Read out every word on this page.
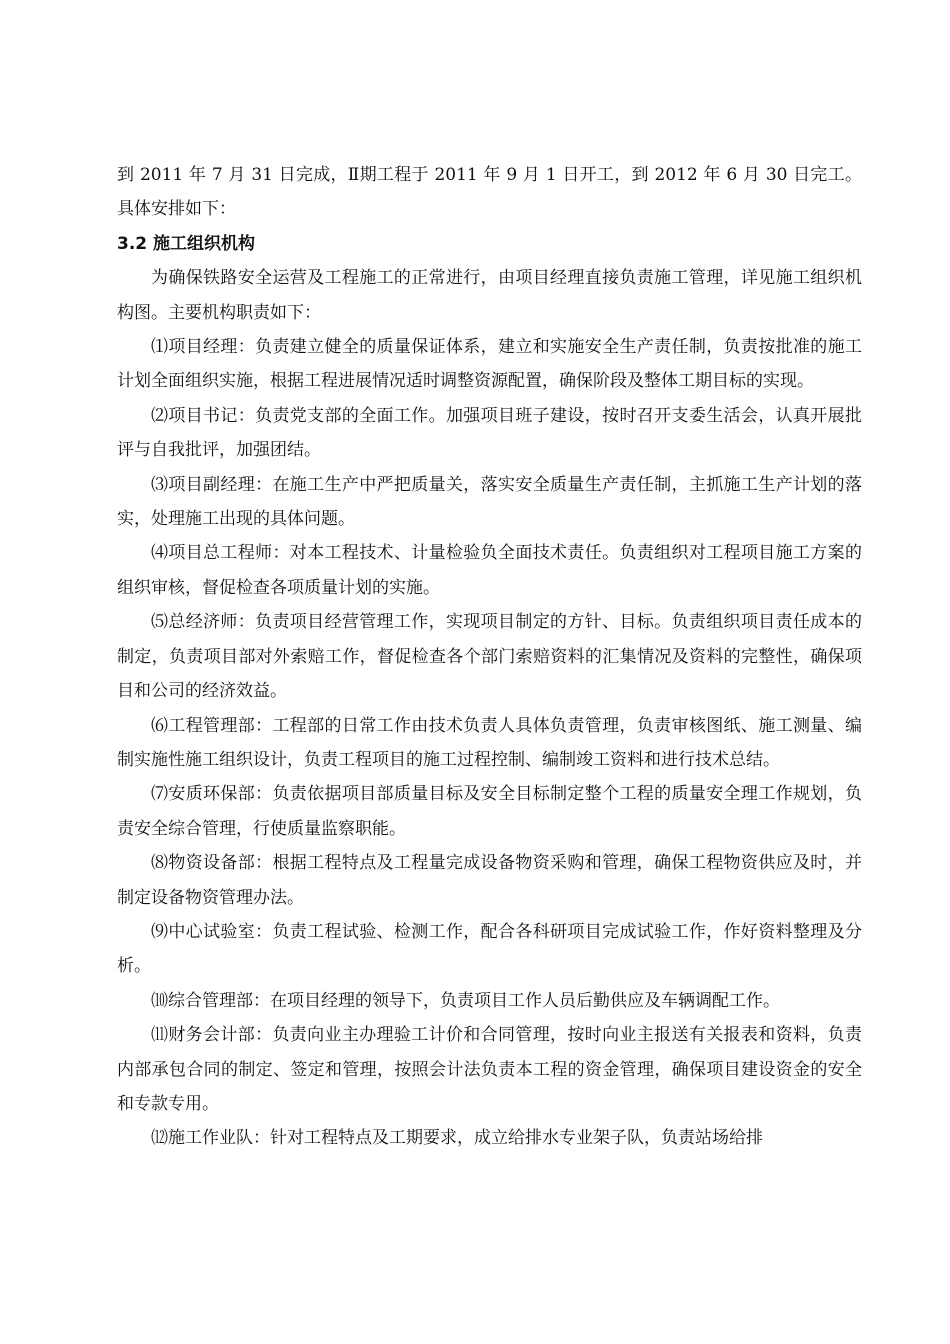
到 2011 年 7 月 31 日完成，Ⅱ期工程于 2011 年 9 月 1 日开工，到 2012 年 6 月 30 日完工。具体安排如下：

3.2 施工组织机构

为确保铁路安全运营及工程施工的正常进行，由项目经理直接负责施工管理，详见施工组织机构图。主要机构职责如下：

⑴项目经理：负责建立健全的质量保证体系，建立和实施安全生产责任制，负责按批准的施工计划全面组织实施，根据工程进展情况适时调整资源配置，确保阶段及整体工期目标的实现。

⑵项目书记：负责党支部的全面工作。加强项目班子建设，按时召开支委生活会，认真开展批评与自我批评，加强团结。

⑶项目副经理：在施工生产中严把质量关，落实安全质量生产责任制，主抓施工生产计划的落实，处理施工出现的具体问题。

⑷项目总工程师：对本工程技术、计量检验负全面技术责任。负责组织对工程项目施工方案的组织审核，督促检查各项质量计划的实施。

⑸总经济师：负责项目经营管理工作，实现项目制定的方针、目标。负责组织项目责任成本的制定，负责项目部对外索赔工作，督促检查各个部门索赔资料的汇集情况及资料的完整性，确保项目和公司的经济效益。

⑹工程管理部：工程部的日常工作由技术负责人具体负责管理，负责审核图纸、施工测量、编制实施性施工组织设计，负责工程项目的施工过程控制、编制竣工资料和进行技术总结。

⑺安质环保部：负责依据项目部质量目标及安全目标制定整个工程的质量安全理工作规划，负责安全综合管理，行使质量监察职能。

⑻物资设备部：根据工程特点及工程量完成设备物资采购和管理，确保工程物资供应及时，并制定设备物资管理办法。

⑼中心试验室：负责工程试验、检测工作，配合各科研项目完成试验工作，作好资料整理及分析。

⑽综合管理部：在项目经理的领导下，负责项目工作人员后勤供应及车辆调配工作。

⑾财务会计部：负责向业主办理验工计价和合同管理，按时向业主报送有关报表和资料，负责内部承包合同的制定、签定和管理，按照会计法负责本工程的资金管理，确保项目建设资金的安全和专款专用。

⑿施工作业队：针对工程特点及工期要求，成立给排水专业架子队，负责站场给排
